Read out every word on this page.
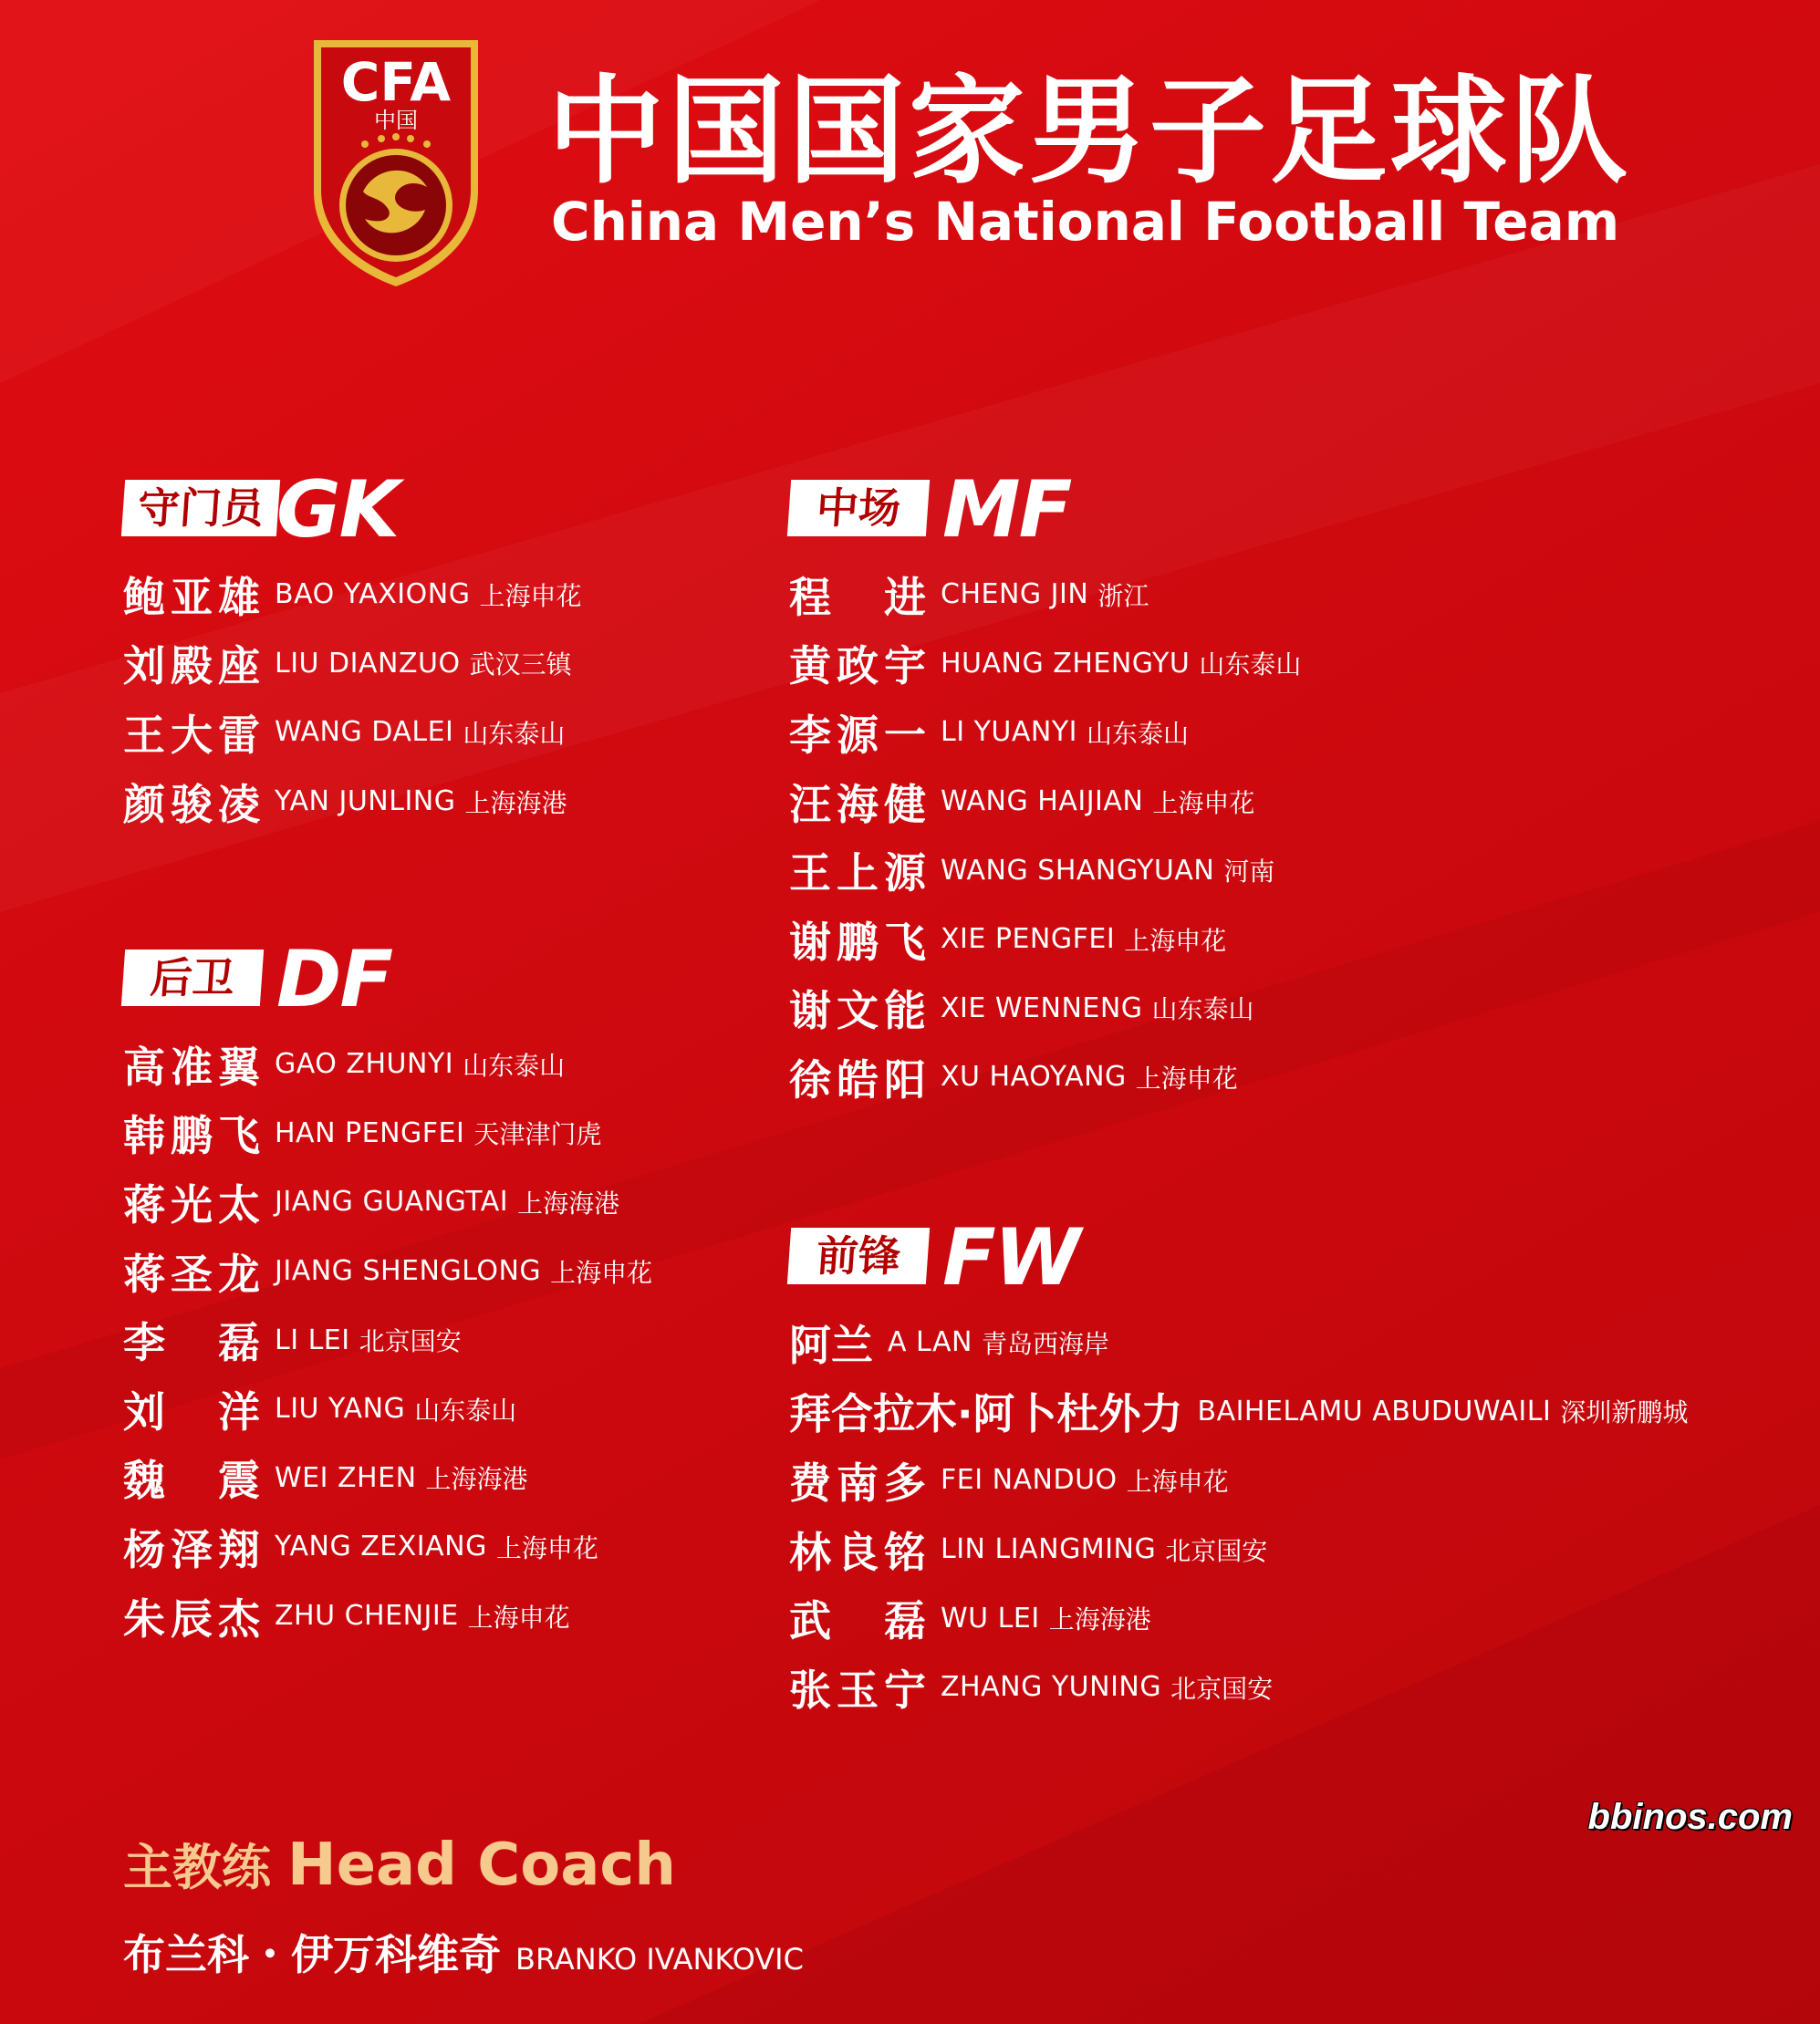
CFA
中国 中国国家男子足球队
China Men’s National Football Team
守门员 GK
鲍亚雄 BAO YAXIONG 上海申花
刘殿座 LIU DIANZUO 武汉三镇
王大雷 WANG DALEI 山东泰山
颜骏凌 YAN JUNLING 上海海港
后卫 DF
高准翼 GAO ZHUNYI 山东泰山
韩鹏飞 HAN PENGFEI 天津津门虎
蒋光太 JIANG GUANGTAI 上海海港
蒋圣龙 JIANG SHENGLONG 上海申花
李　磊 LI LEI 北京国安
刘　洋 LIU YANG 山东泰山
魏　震 WEI ZHEN 上海海港
杨泽翔 YANG ZEXIANG 上海申花
朱辰杰 ZHU CHENJIE 上海申花
中场 MF
程　进 CHENG JIN 浙江
黄政宇 HUANG ZHENGYU 山东泰山
李源一 LI YUANYI 山东泰山
汪海健 WANG HAIJIAN 上海申花
王上源 WANG SHANGYUAN 河南
谢鹏飞 XIE PENGFEI 上海申花
谢文能 XIE WENNENG 山东泰山
徐皓阳 XU HAOYANG 上海申花
前锋 FW
阿兰 A LAN 青岛西海岸
拜合拉木·阿卜杜外力 BAIHELAMU ABUDUWAILI 深圳新鹏城
费南多 FEI NANDUO 上海申花
林良铭 LIN LIANGMING 北京国安
武　磊 WU LEI 上海海港
张玉宁 ZHANG YUNING 北京国安
主教练 Head Coach
布兰科・伊万科维奇 BRANKO IVANKOVIC
bbinos.com
